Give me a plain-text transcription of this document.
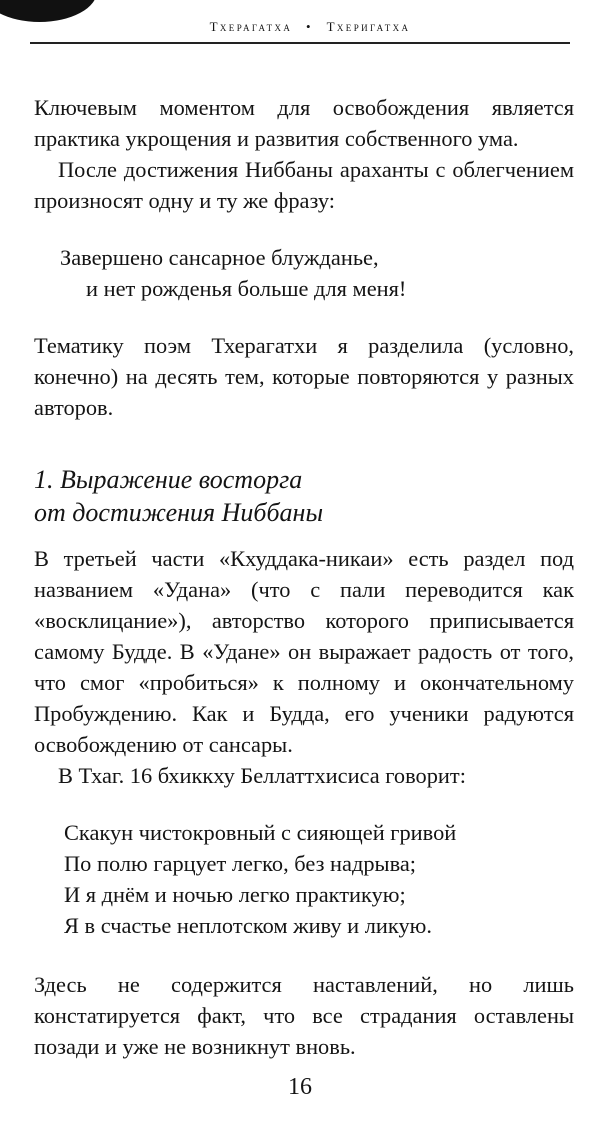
Тхерагатха • Тхеригатха

Ключевым моментом для освобождения является практика укрощения и развития собственного ума.

После достижения Ниббаны араханты с облегчением произносят одну и ту же фразу:

Завершено сансарное блужданье,
и нет рожденья больше для меня!

Тематику поэм Тхерагатхи я разделила (условно, конечно) на десять тем, которые повторяются у разных авторов.

1. Выражение восторга
от достижения Ниббаны

В третьей части «Кхуддака-никаи» есть раздел под названием «Удана» (что с пали переводится как «восклицание»), авторство которого приписывается самому Будде. В «Удане» он выражает радость от того, что смог «пробиться» к полному и окончательному Пробуждению. Как и Будда, его ученики радуются освобождению от сансары.

В Тхаг. 16 бхиккху Беллаттхисиса говорит:

Скакун чистокровный с сияющей гривой
По полю гарцует легко, без надрыва;
И я днём и ночью легко практикую;
Я в счастье неплотском живу и ликую.

Здесь не содержится наставлений, но лишь констатируется факт, что все страдания оставлены позади и уже не возникнут вновь.

16
